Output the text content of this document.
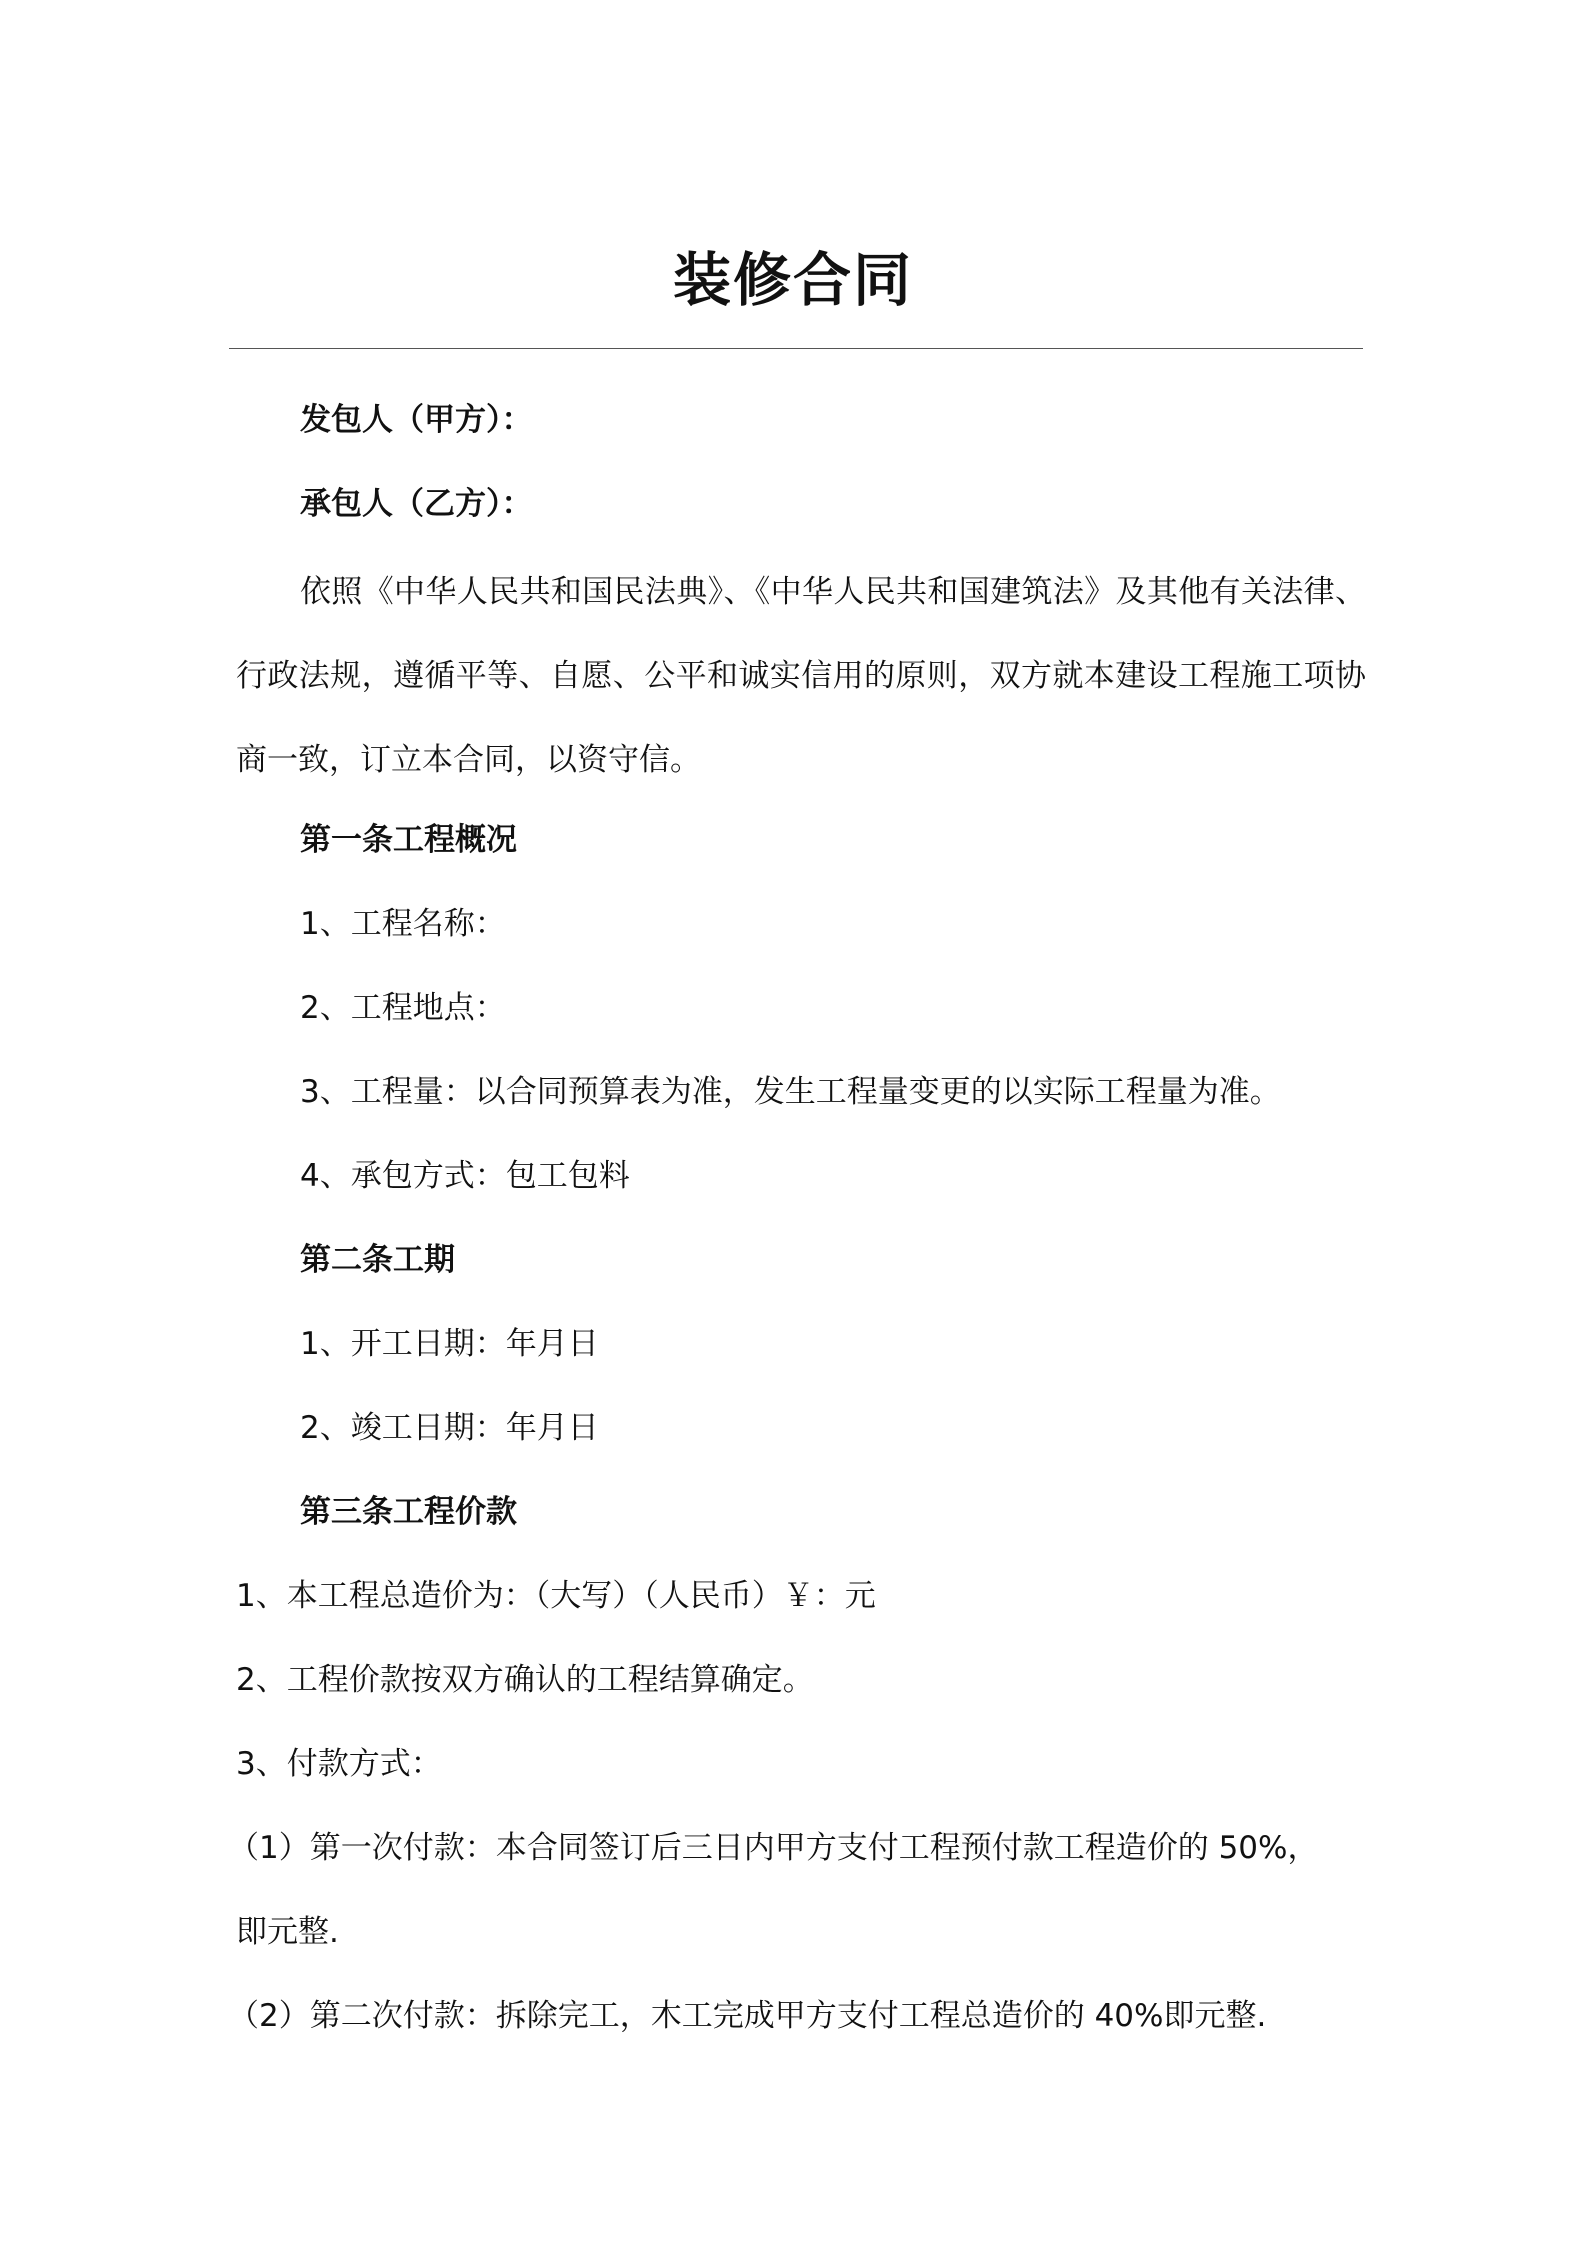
装修合同
发包人（甲方）：
承包人（乙方）：

依照《中华人民共和国民法典》、《中华人民共和国建筑法》及其他有关法律、行政法规，遵循平等、自愿、公平和诚实信用的原则，双方就本建设工程施工项协商一致，订立本合同，以资守信。

第一条工程概况
1、工程名称：
2、工程地点：
3、工程量：以合同预算表为准，发生工程量变更的以实际工程量为准。
4、承包方式：包工包料
第二条工期
1、开工日期：年月日
2、竣工日期：年月日
第三条工程价款
1、本工程总造价为：（大写）（人民币）￥：元
2、工程价款按双方确认的工程结算确定。
3、付款方式：
（1）第一次付款：本合同签订后三日内甲方支付工程预付款工程造价的 50%，
即元整.
（2）第二次付款：拆除完工，木工完成甲方支付工程总造价的 40%即元整.
